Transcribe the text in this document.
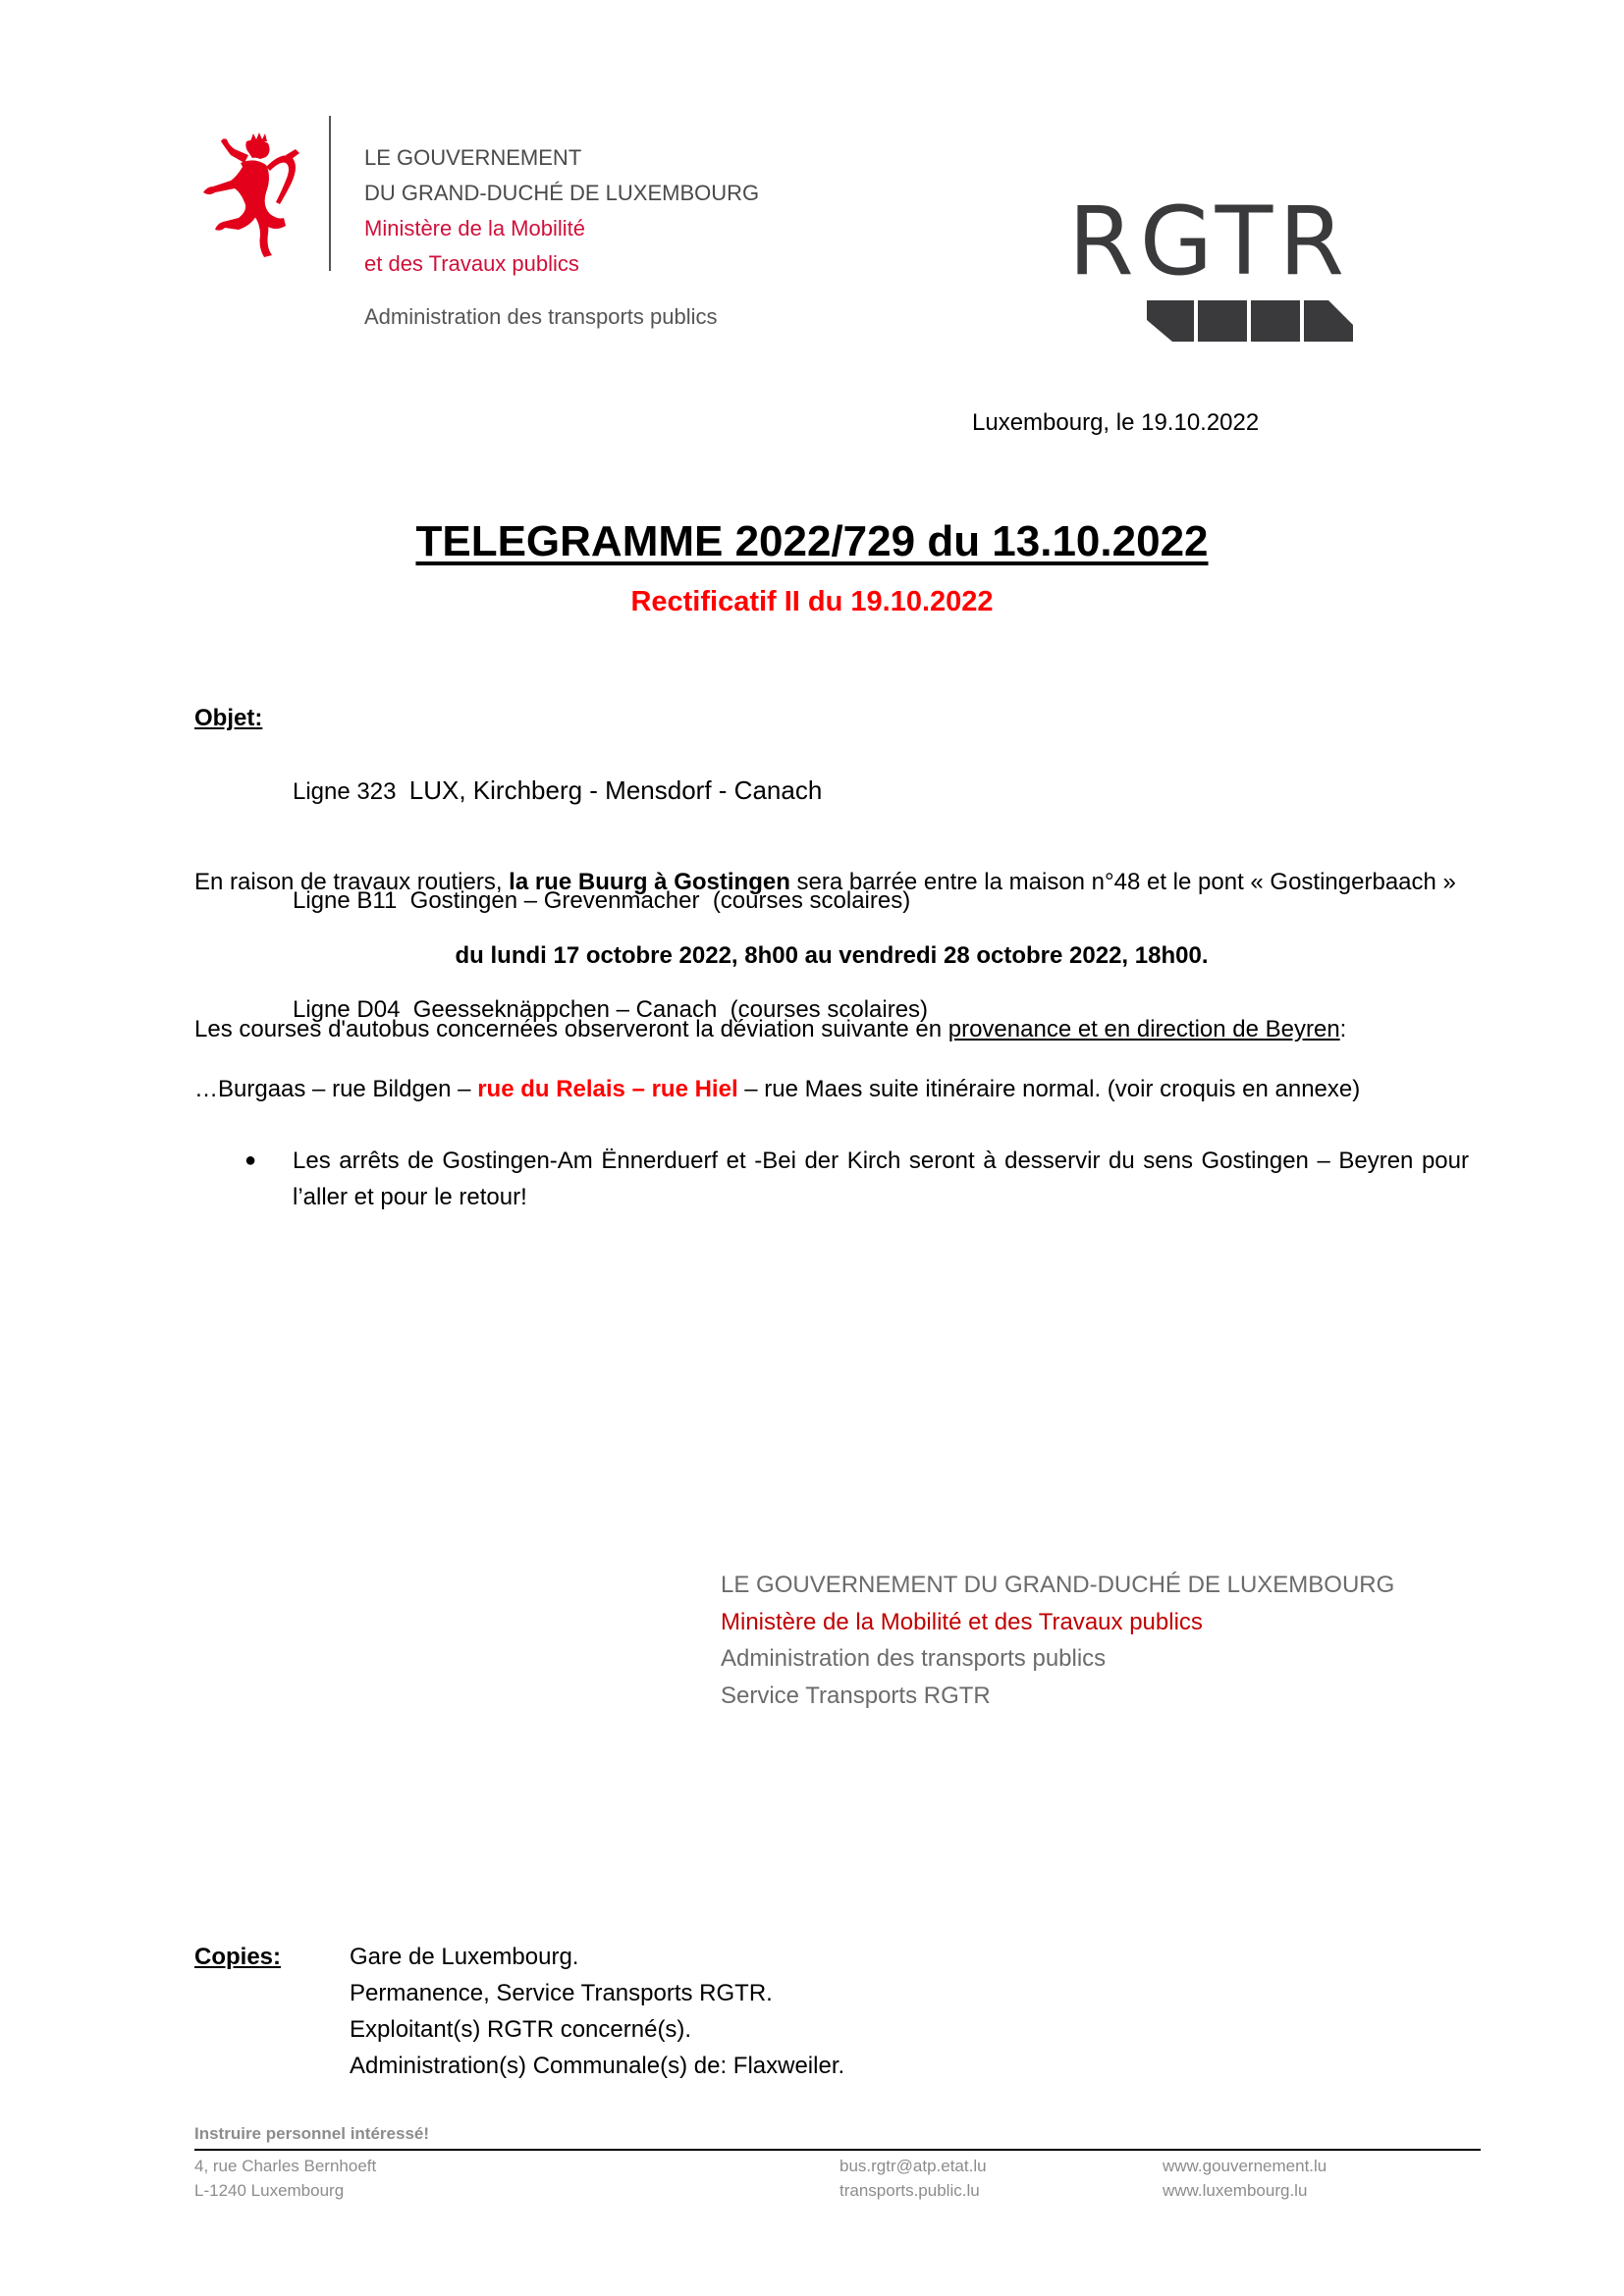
LE GOUVERNEMENT
DU GRAND-DUCHÉ DE LUXEMBOURG
Ministère de la Mobilité
et des Travaux publics
Administration des transports publics
RGTR
Luxembourg, le 19.10.2022
TELEGRAMME 2022/729 du 13.10.2022
Rectificatif II du 19.10.2022
Objet:

Ligne 323 LUX, Kirchberg - Mensdorf - Canach

Ligne B11 Gostingen – Grevenmacher  (courses scolaires)

Ligne D04 Geesseknäppchen – Canach  (courses scolaires)

En raison de travaux routiers, la rue Buurg à Gostingen sera barrée entre la maison n°48 et le pont « Gostingerbaach »

du lundi 17 octobre 2022, 8h00 au vendredi 28 octobre 2022, 18h00.

Les courses d'autobus concernées observeront la déviation suivante en provenance et en direction de Beyren:

…Burgaas – rue Bildgen – rue du Relais – rue Hiel – rue Maes suite itinéraire normal. (voir croquis en annexe)

●	Les arrêts de Gostingen-Am Ënnerduerf et -Bei der Kirch seront à desservir du sens Gostingen – Beyren pour l’aller et pour le retour!
LE GOUVERNEMENT DU GRAND-DUCHÉ DE LUXEMBOURG
Ministère de la Mobilité et des Travaux publics
Administration des transports publics
Service Transports RGTR
Copies:	Gare de Luxembourg.
Permanence, Service Transports RGTR.
Exploitant(s) RGTR concerné(s).
Administration(s) Communale(s) de: Flaxweiler.
Instruire personnel intéressé!
4, rue Charles Bernhoeft
L-1240 Luxembourg
bus.rgtr@atp.etat.lu
transports.public.lu
www.gouvernement.lu
www.luxembourg.lu
